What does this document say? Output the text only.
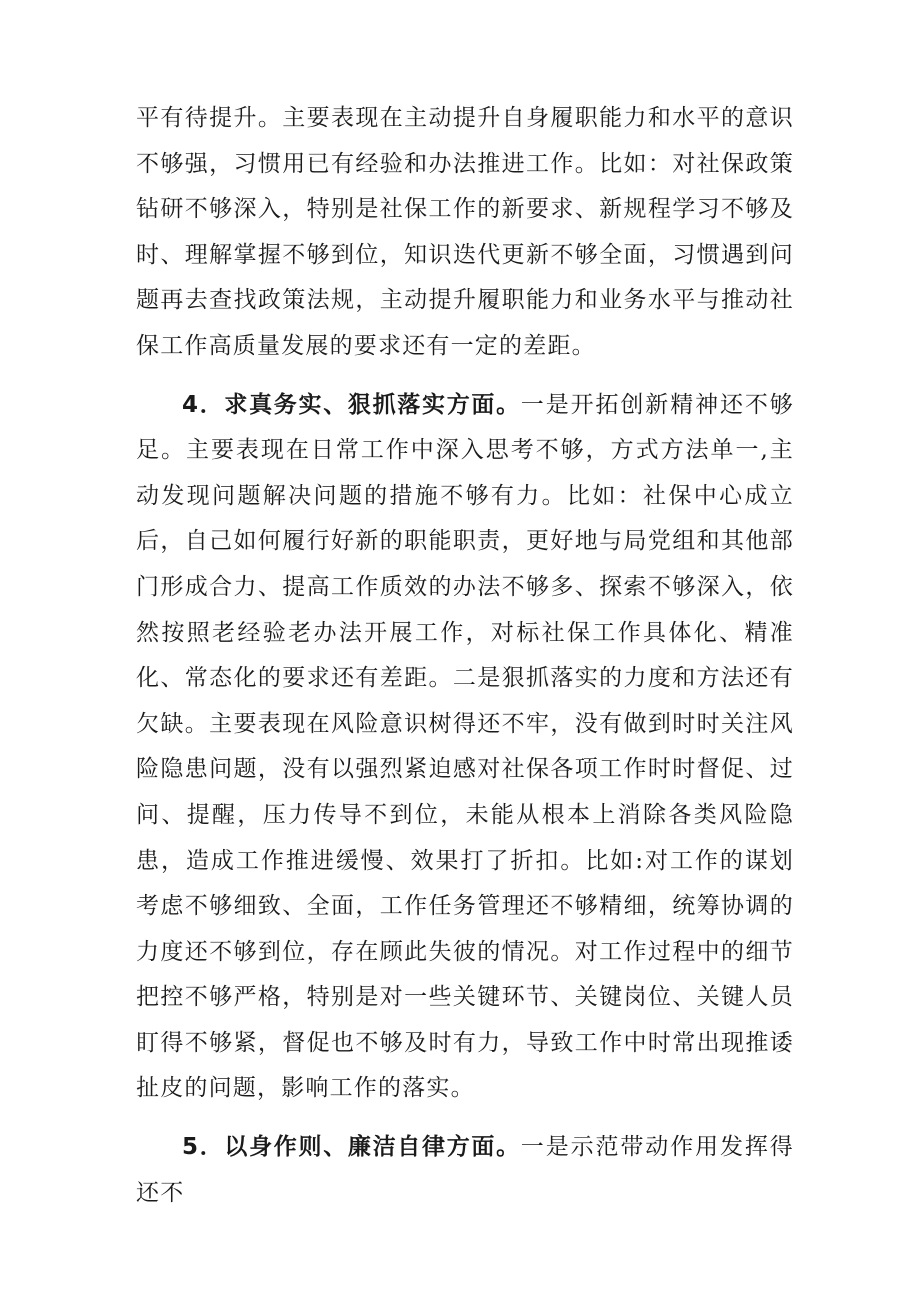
平有待提升。主要表现在主动提升自身履职能力和水平的意识不够强，习惯用已有经验和办法推进工作。比如：对社保政策钻研不够深入，特别是社保工作的新要求、新规程学习不够及时、理解掌握不够到位，知识迭代更新不够全面，习惯遇到问题再去查找政策法规，主动提升履职能力和业务水平与推动社保工作高质量发展的要求还有一定的差距。

4．求真务实、狠抓落实方面。一是开拓创新精神还不够足。主要表现在日常工作中深入思考不够，方式方法单一,主动发现问题解决问题的措施不够有力。比如：社保中心成立后，自己如何履行好新的职能职责，更好地与局党组和其他部门形成合力、提高工作质效的办法不够多、探索不够深入，依然按照老经验老办法开展工作，对标社保工作具体化、精准化、常态化的要求还有差距。二是狠抓落实的力度和方法还有欠缺。主要表现在风险意识树得还不牢，没有做到时时关注风险隐患问题，没有以强烈紧迫感对社保各项工作时时督促、过问、提醒，压力传导不到位，未能从根本上消除各类风险隐患，造成工作推进缓慢、效果打了折扣。比如:对工作的谋划考虑不够细致、全面，工作任务管理还不够精细，统筹协调的力度还不够到位，存在顾此失彼的情况。对工作过程中的细节把控不够严格，特别是对一些关键环节、关键岗位、关键人员盯得不够紧，督促也不够及时有力，导致工作中时常出现推诿扯皮的问题，影响工作的落实。

5．以身作则、廉洁自律方面。一是示范带动作用发挥得还不
